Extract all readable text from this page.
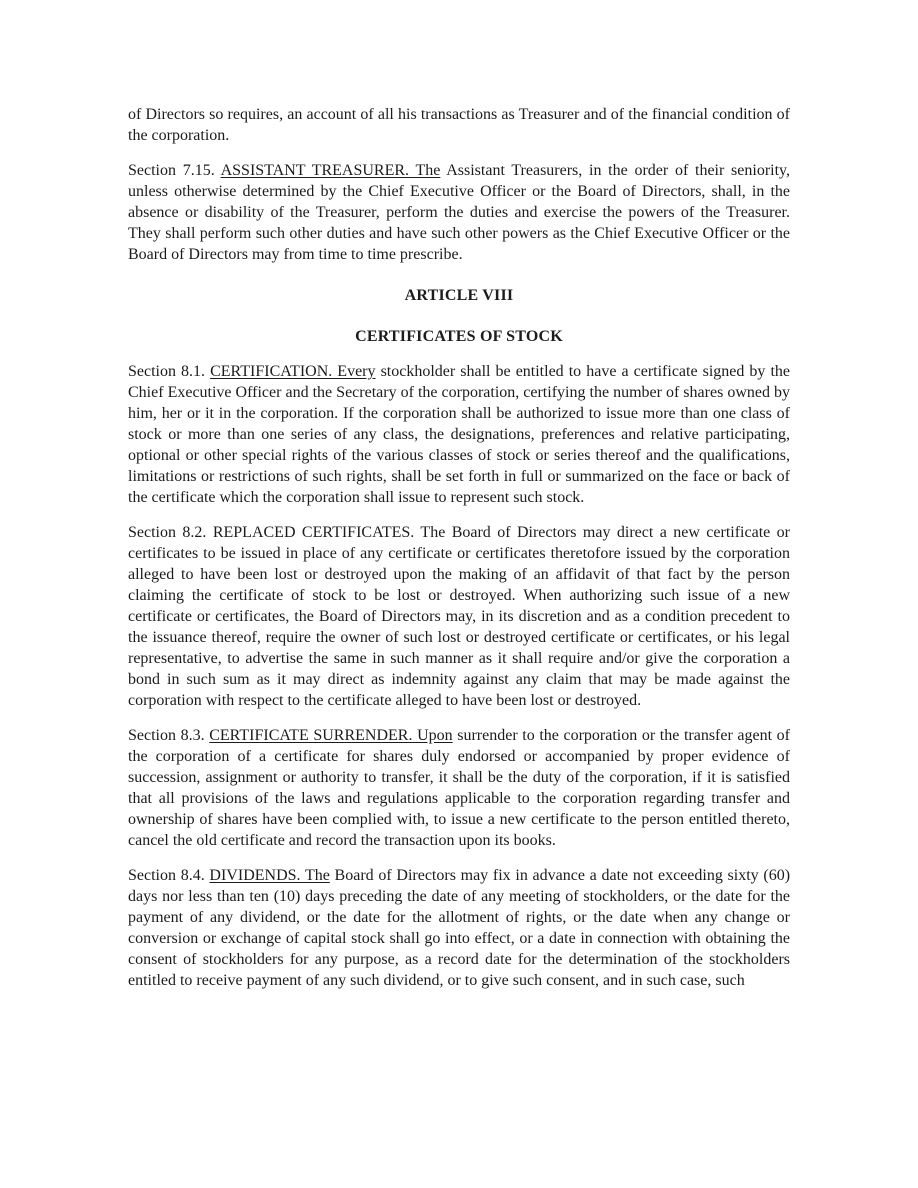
of Directors so requires, an account of all his transactions as Treasurer and of the financial condition of the corporation.

Section 7.15. ASSISTANT TREASURER. The Assistant Treasurers, in the order of their seniority, unless otherwise determined by the Chief Executive Officer or the Board of Directors, shall, in the absence or disability of the Treasurer, perform the duties and exercise the powers of the Treasurer. They shall perform such other duties and have such other powers as the Chief Executive Officer or the Board of Directors may from time to time prescribe.

ARTICLE VIII

CERTIFICATES OF STOCK

Section 8.1. CERTIFICATION. Every stockholder shall be entitled to have a certificate signed by the Chief Executive Officer and the Secretary of the corporation, certifying the number of shares owned by him, her or it in the corporation. If the corporation shall be authorized to issue more than one class of stock or more than one series of any class, the designations, preferences and relative participating, optional or other special rights of the various classes of stock or series thereof and the qualifications, limitations or restrictions of such rights, shall be set forth in full or summarized on the face or back of the certificate which the corporation shall issue to represent such stock.

Section 8.2. REPLACED CERTIFICATES. The Board of Directors may direct a new certificate or certificates to be issued in place of any certificate or certificates theretofore issued by the corporation alleged to have been lost or destroyed upon the making of an affidavit of that fact by the person claiming the certificate of stock to be lost or destroyed. When authorizing such issue of a new certificate or certificates, the Board of Directors may, in its discretion and as a condition precedent to the issuance thereof, require the owner of such lost or destroyed certificate or certificates, or his legal representative, to advertise the same in such manner as it shall require and/or give the corporation a bond in such sum as it may direct as indemnity against any claim that may be made against the corporation with respect to the certificate alleged to have been lost or destroyed.

Section 8.3. CERTIFICATE SURRENDER. Upon surrender to the corporation or the transfer agent of the corporation of a certificate for shares duly endorsed or accompanied by proper evidence of succession, assignment or authority to transfer, it shall be the duty of the corporation, if it is satisfied that all provisions of the laws and regulations applicable to the corporation regarding transfer and ownership of shares have been complied with, to issue a new certificate to the person entitled thereto, cancel the old certificate and record the transaction upon its books.

Section 8.4. DIVIDENDS. The Board of Directors may fix in advance a date not exceeding sixty (60) days nor less than ten (10) days preceding the date of any meeting of stockholders, or the date for the payment of any dividend, or the date for the allotment of rights, or the date when any change or conversion or exchange of capital stock shall go into effect, or a date in connection with obtaining the consent of stockholders for any purpose, as a record date for the determination of the stockholders entitled to receive payment of any such dividend, or to give such consent, and in such case, such
